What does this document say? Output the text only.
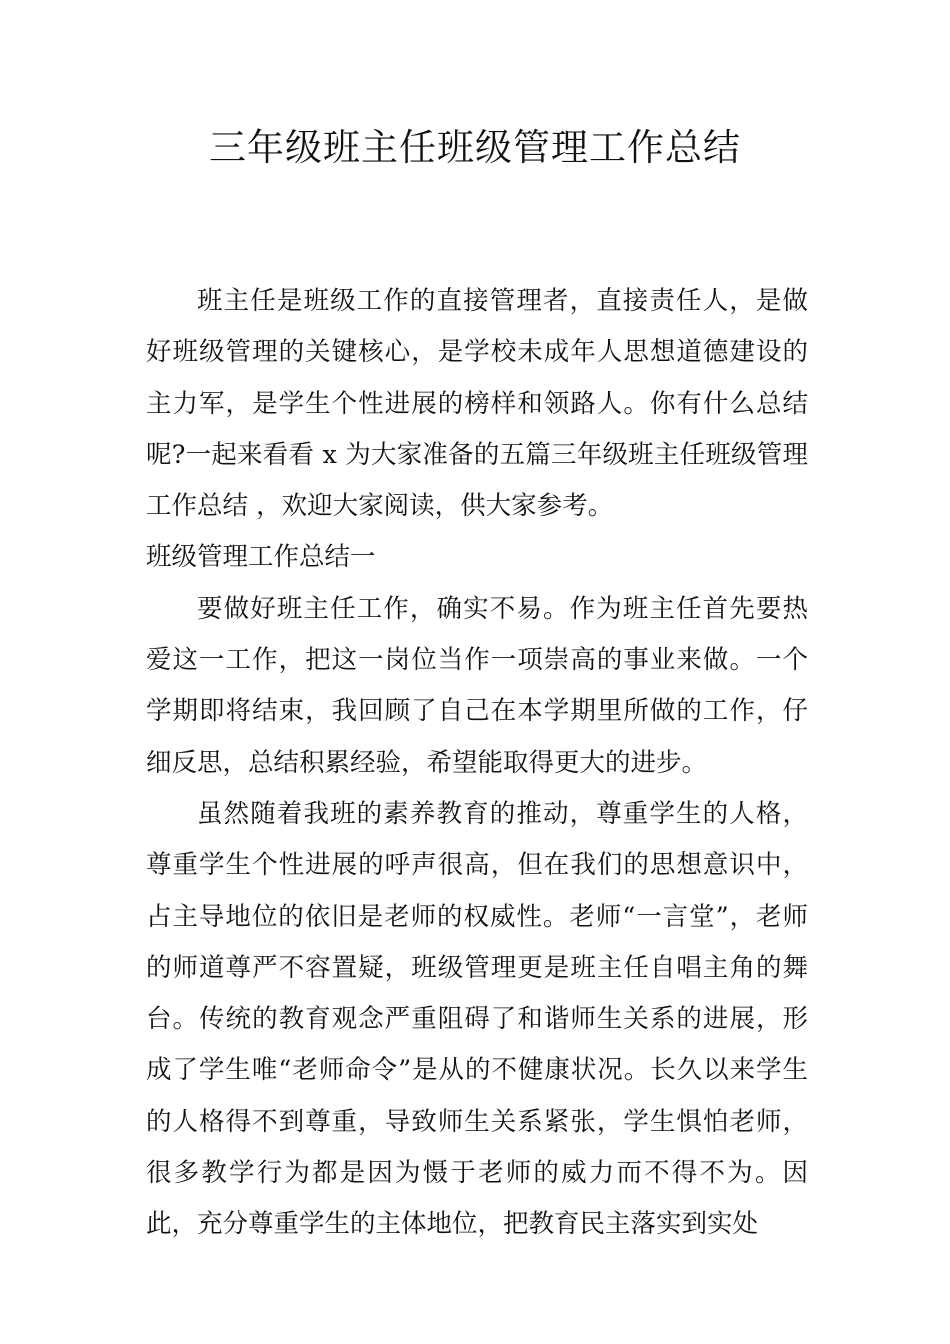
三年级班主任班级管理工作总结

班主任是班级工作的直接管理者，直接责任人，是做好班级管理的关键核心，是学校未成年人思想道德建设的主力军，是学生个性进展的榜样和领路人。你有什么总结呢?一起来看看 x 为大家准备的五篇三年级班主任班级管理工作总结 ，欢迎大家阅读，供大家参考。

班级管理工作总结一

要做好班主任工作，确实不易。作为班主任首先要热爱这一工作，把这一岗位当作一项崇高的事业来做。一个学期即将结束，我回顾了自己在本学期里所做的工作，仔细反思，总结积累经验，希望能取得更大的进步。

虽然随着我班的素养教育的推动，尊重学生的人格，尊重学生个性进展的呼声很高，但在我们的思想意识中，占主导地位的依旧是老师的权威性。老师“一言堂”，老师的师道尊严不容置疑，班级管理更是班主任自唱主角的舞台。传统的教育观念严重阻碍了和谐师生关系的进展，形成了学生唯“老师命令”是从的不健康状况。长久以来学生的人格得不到尊重，导致师生关系紧张，学生惧怕老师，很多教学行为都是因为慑于老师的威力而不得不为。因此，充分尊重学生的主体地位，把教育民主落实到实处
